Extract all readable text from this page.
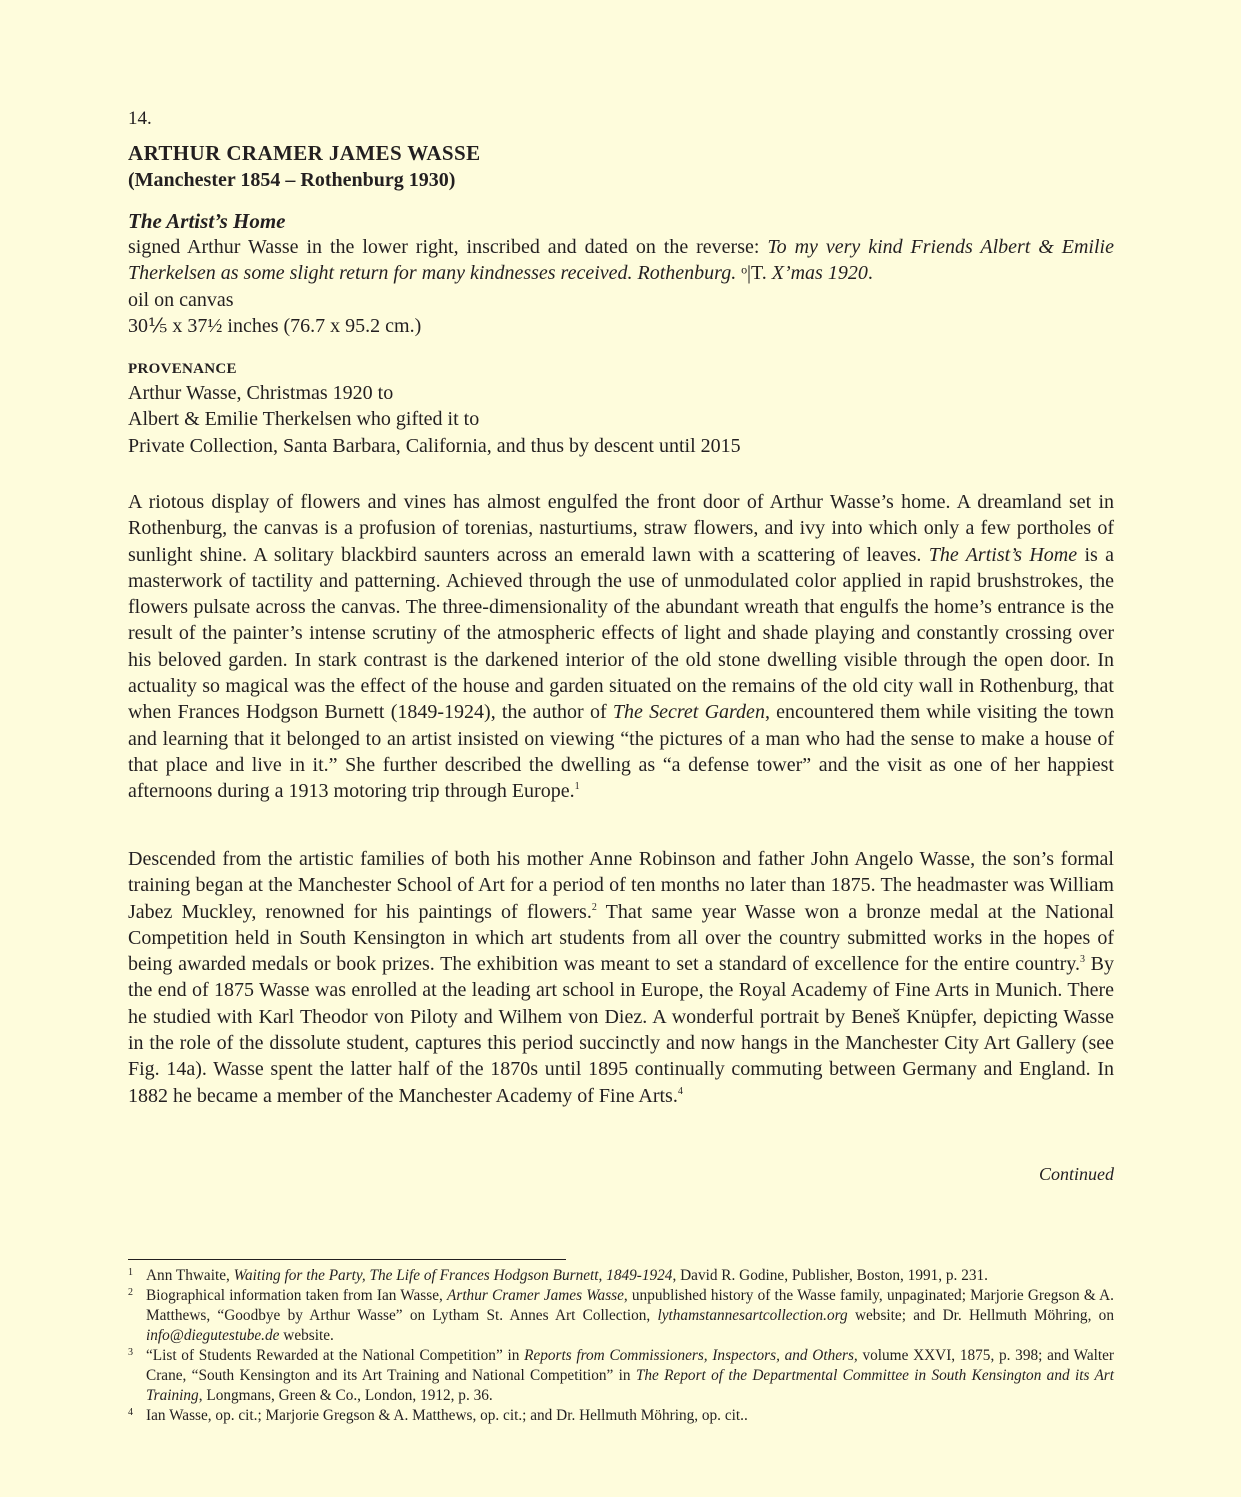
14.
ARTHUR CRAMER JAMES WASSE
(Manchester 1854 – Rothenburg 1930)
The Artist’s Home

signed Arthur Wasse in the lower right, inscribed and dated on the reverse: To my very kind Friends Albert & Emilie Therkelsen as some slight return for many kindnesses received. Rothenburg. ᵒ|T. X’mas 1920.

oil on canvas

30⅕ x 37½ inches (76.7 x 95.2 cm.)

PROVENANCE
Arthur Wasse, Christmas 1920 to
Albert & Emilie Therkelsen who gifted it to
Private Collection, Santa Barbara, California, and thus by descent until 2015

A riotous display of flowers and vines has almost engulfed the front door of Arthur Wasse’s home. A dreamland set in Rothenburg, the canvas is a profusion of torenias, nasturtiums, straw flowers, and ivy into which only a few portholes of sunlight shine. A solitary blackbird saunters across an emerald lawn with a scattering of leaves. The Artist’s Home is a masterwork of tactility and patterning. Achieved through the use of unmodulated color applied in rapid brushstrokes, the flowers pulsate across the canvas. The three-dimensionality of the abundant wreath that engulfs the home’s entrance is the result of the painter’s intense scrutiny of the atmospheric effects of light and shade playing and constantly crossing over his beloved garden. In stark contrast is the darkened interior of the old stone dwelling visible through the open door. In actuality so magical was the effect of the house and garden situated on the remains of the old city wall in Rothenburg, that when Frances Hodgson Burnett (1849-1924), the author of The Secret Garden, encountered them while visiting the town and learning that it belonged to an artist insisted on viewing “the pictures of a man who had the sense to make a house of that place and live in it.” She further described the dwelling as “a defense tower” and the visit as one of her happiest afternoons during a 1913 motoring trip through Europe.$^1$

Descended from the artistic families of both his mother Anne Robinson and father John Angelo Wasse, the son’s formal training began at the Manchester School of Art for a period of ten months no later than 1875. The headmaster was William Jabez Muckley, renowned for his paintings of flowers.$^2$ That same year Wasse won a bronze medal at the National Competition held in South Kensington in which art students from all over the country submitted works in the hopes of being awarded medals or book prizes. The exhibition was meant to set a standard of excellence for the entire country.$^3$ By the end of 1875 Wasse was enrolled at the leading art school in Europe, the Royal Academy of Fine Arts in Munich. There he studied with Karl Theodor von Piloty and Wilhem von Diez. A wonderful portrait by Beneš Knüpfer, depicting Wasse in the role of the dissolute student, captures this period succinctly and now hangs in the Manchester City Art Gallery (see Fig. 14a). Wasse spent the latter half of the 1870s until 1895 continually commuting between Germany and England. In 1882 he became a member of the Manchester Academy of Fine Arts.$^4$

Continued
1 Ann Thwaite, Waiting for the Party, The Life of Frances Hodgson Burnett, 1849-1924, David R. Godine, Publisher, Boston, 1991, p. 231.

2 Biographical information taken from Ian Wasse, Arthur Cramer James Wasse, unpublished history of the Wasse family, unpaginated; Marjorie Gregson & A. Matthews, “Goodbye by Arthur Wasse” on Lytham St. Annes Art Collection, lythamstannesartcollection.org website; and Dr. Hellmuth Möhring, on info@diegutestube.de website.

3 “List of Students Rewarded at the National Competition” in Reports from Commissioners, Inspectors, and Others, volume XXVI, 1875, p. 398; and Walter Crane, “South Kensington and its Art Training and National Competition” in The Report of the Departmental Committee in South Kensington and its Art Training, Longmans, Green & Co., London, 1912, p. 36.

4 Ian Wasse, op. cit.; Marjorie Gregson & A. Matthews, op. cit.; and Dr. Hellmuth Möhring, op. cit..
